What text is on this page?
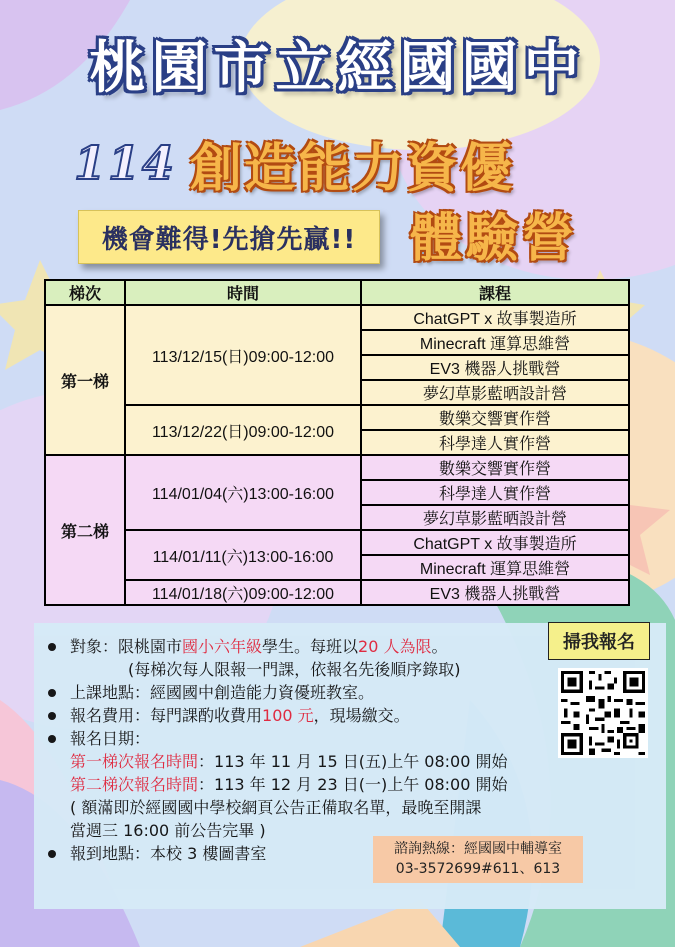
桃園市立經國國中
114 創造能力資優
機會難得!先搶先贏!!	體驗營
梯次	時間	課程
第一梯	113/12/15(日)09:00-12:00	ChatGPT x 故事製造所
		Minecraft 運算思維營
		EV3 機器人挑戰營
		夢幻草影藍晒設計營
	113/12/22(日)09:00-12:00	數樂交響實作營
		科學達人實作營
第二梯	114/01/04(六)13:00-16:00	數樂交響實作營
		科學達人實作營
		夢幻草影藍晒設計營
	114/01/11(六)13:00-16:00	ChatGPT x 故事製造所
		Minecraft 運算思維營
	114/01/18(六)09:00-12:00	EV3 機器人挑戰營
對象：限桃園市國小六年級學生。每班以20 人為限。
(每梯次每人限報一門課，依報名先後順序錄取)
上課地點：經國國中創造能力資優班教室。
報名費用：每門課酌收費用100 元，現場繳交。
報名日期：
第一梯次報名時間：113 年 11 月 15 日(五)上午 08:00 開始
第二梯次報名時間：113 年 12 月 23 日(一)上午 08:00 開始
( 額滿即於經國國中學校網頁公告正備取名單，最晚至開課
當週三 16:00 前公告完畢 )
報到地點：本校 3 樓圖書室
掃我報名
諮詢熱線：經國國中輔導室
03-3572699#611、613
